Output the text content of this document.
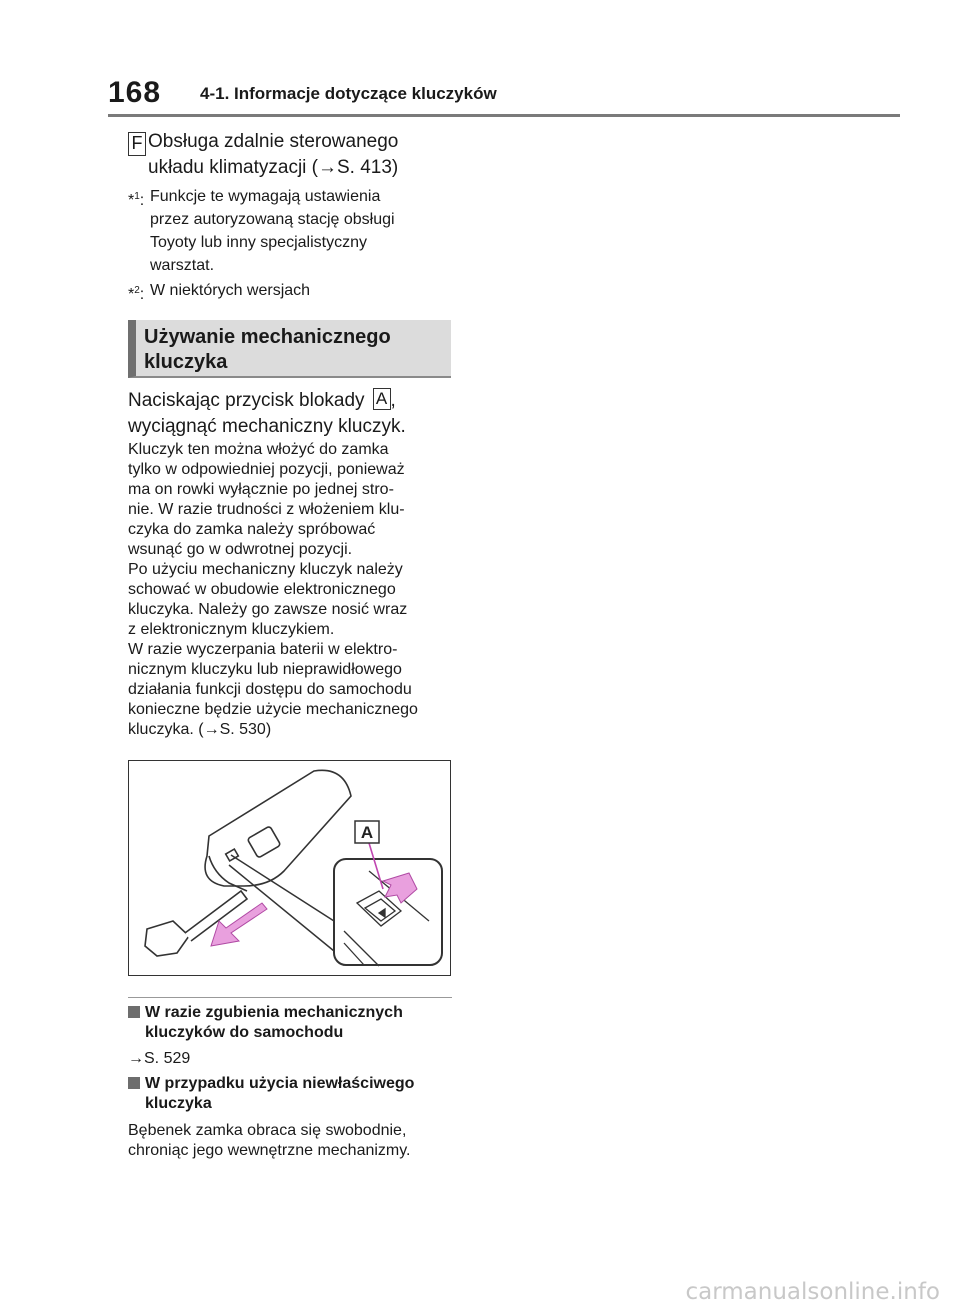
168 4-1. Informacje dotyczące kluczyków
F Obsługa zdalnie sterowanego
układu klimatyzacji (→S. 413)
*$^1$: Funkcje te wymagają ustawienia
przez autoryzowaną stację obsługi
Toyoty lub inny specjalistyczny
warsztat.
*$^2$: W niektórych wersjach
Używanie mechanicznego
kluczyka
Naciskając przycisk blokady A ,
wyciągnąć mechaniczny kluczyk.

Kluczyk ten można włożyć do zamka

tylko w odpowiedniej pozycji, ponieważ

ma on rowki wyłącznie po jednej stro-

nie. W razie trudności z włożeniem klu-

czyka do zamka należy spróbować

wsunąć go w odwrotnej pozycji.

Po użyciu mechaniczny kluczyk należy

schować w obudowie elektronicznego

kluczyka. Należy go zawsze nosić wraz

z elektronicznym kluczykiem.

W razie wyczerpania baterii w elektro-

nicznym kluczyku lub nieprawidłowego

działania funkcji dostępu do samochodu

konieczne będzie użycie mechanicznego

kluczyka. (→S. 530)

A
W razie zgubienia mechanicznych
kluczyków do samochodu
→S. 529
W przypadku użycia niewłaściwego
kluczyka
Bębenek zamka obraca się swobodnie,
chroniąc jego wewnętrzne mechanizmy.
carmanualsonline.info
